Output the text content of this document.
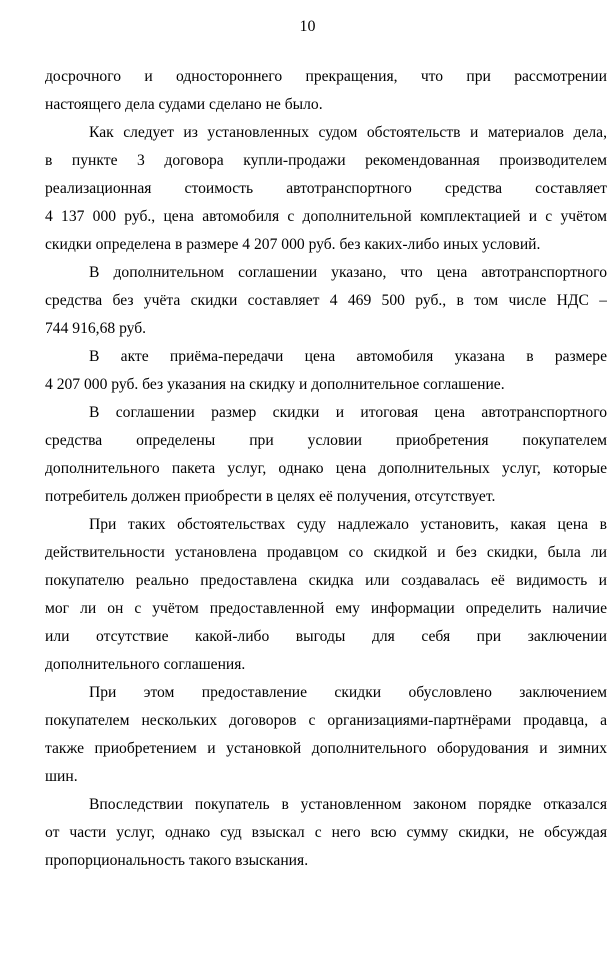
10
досрочного и одностороннего прекращения, что при рассмотрении
настоящего дела судами сделано не было.
Как следует из установленных судом обстоятельств и материалов дела,
в пункте 3 договора купли-продажи рекомендованная производителем
реализационная стоимость автотранспортного средства составляет
4 137 000 руб., цена автомобиля с дополнительной комплектацией и с учётом
скидки определена в размере 4 207 000 руб. без каких-либо иных условий.
В дополнительном соглашении указано, что цена автотранспортного
средства без учёта скидки составляет 4 469 500 руб., в том числе НДС –
744 916,68 руб.
В акте приёма-передачи цена автомобиля указана в размере
4 207 000 руб. без указания на скидку и дополнительное соглашение.
В соглашении размер скидки и итоговая цена автотранспортного
средства определены при условии приобретения покупателем
дополнительного пакета услуг, однако цена дополнительных услуг, которые
потребитель должен приобрести в целях её получения, отсутствует.
При таких обстоятельствах суду надлежало установить, какая цена в
действительности установлена продавцом со скидкой и без скидки, была ли
покупателю реально предоставлена скидка или создавалась её видимость и
мог ли он с учётом предоставленной ему информации определить наличие
или отсутствие какой-либо выгоды для себя при заключении
дополнительного соглашения.
При этом предоставление скидки обусловлено заключением
покупателем нескольких договоров с организациями-партнёрами продавца, а
также приобретением и установкой дополнительного оборудования и зимних
шин.
Впоследствии покупатель в установленном законом порядке отказался
от части услуг, однако суд взыскал с него всю сумму скидки, не обсуждая
пропорциональность такого взыскания.
